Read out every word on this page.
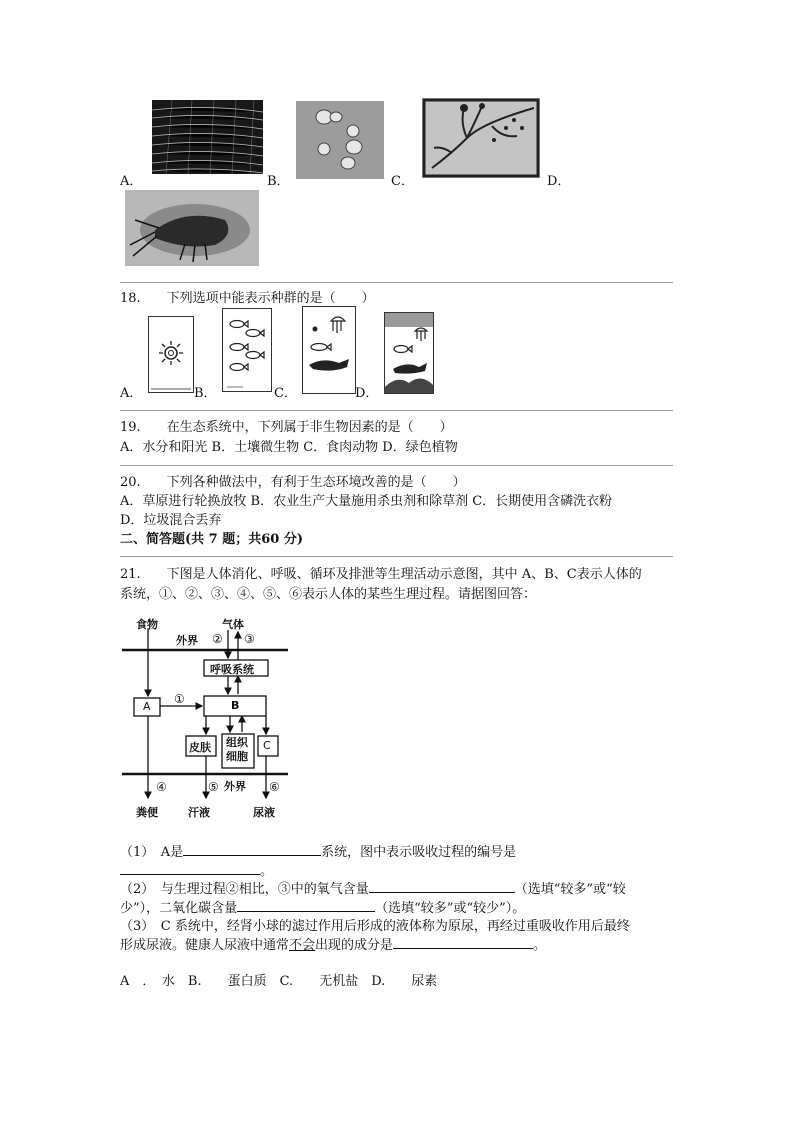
A．	B．	C．	D．
18.　　下列选项中能表示种群的是（　　）
A．	B．	C．	D．
19.　　在生态系统中，下列属于非生物因素的是（　　）
A．水分和阳光 B．土壤微生物 C．食肉动物 D．绿色植物
20.　　下列各种做法中，有利于生态环境改善的是（　　）
A．草原进行轮换放牧 B．农业生产大量施用杀虫剂和除草剂 C．长期使用含磷洗衣粉
D．垃圾混合丢弃
二、简答题(共 7 题；共60 分)
21.　　下图是人体消化、呼吸、循环及排泄等生理活动示意图，其中 A、B、C表示人体的
系统，①、②、③、④、⑤、⑥表示人体的某些生理过程。请据图回答：
食物	气体
外界 ② ③
呼吸系统
①
A	B
皮肤 组织
细胞
C
外界
④	⑤	⑥
粪便	汗液	尿液
（1）　A是	系统，图中表示吸收过程的编号是
。
（2）　与生理过程②相比，③中的氧气含量	（选填“较多”或“较
少”），二氧化碳含量	（选填“较多”或“较少”）。
（3）　C 系统中，经肾小球的滤过作用后形成的液体称为原尿，再经过重吸收作用后最终
形成尿液。健康人尿液中通常不会出现的成分是	。
A　．　水　B.　　蛋白质　C.　　无机盐　D.　　尿素
